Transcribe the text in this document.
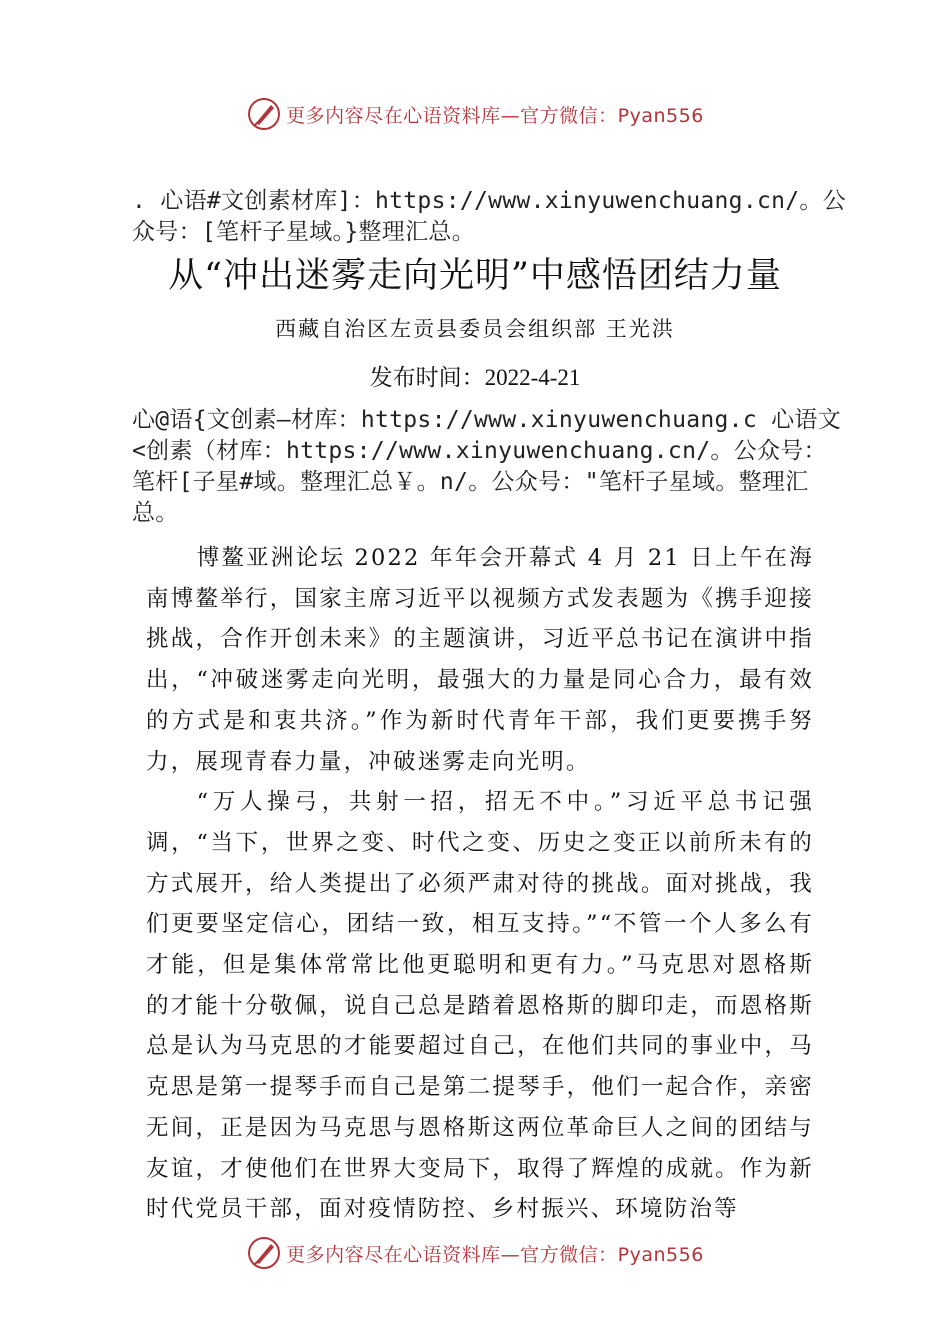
更多内容尽在心语资料库—官方微信：Pyan556
. 心语#文创素材库]：https://www.xinyuwenchuang.cn/。公众号：[笔杆子星域。}整理汇总。
从“冲出迷雾走向光明”中感悟团结力量
西藏自治区左贡县委员会组织部 王光洪
发布时间：2022-4-21
心@语{文创素—材库：https://www.xinyuwenchuang.c 心语文<创素（材库：https://www.xinyuwenchuang.cn/。公众号：笔杆[子星#域。整理汇总￥。n/。公众号："笔杆子星域。整理汇总。

博鳌亚洲论坛 2022 年年会开幕式 4 月 21 日上午在海南博鳌举行，国家主席习近平以视频方式发表题为《携手迎接挑战，合作开创未来》的主题演讲，习近平总书记在演讲中指出，“冲破迷雾走向光明，最强大的力量是同心合力，最有效的方式是和衷共济。”作为新时代青年干部，我们更要携手努力，展现青春力量，冲破迷雾走向光明。

“万人操弓，共射一招，招无不中。”习近平总书记强调，“当下，世界之变、时代之变、历史之变正以前所未有的方式展开，给人类提出了必须严肃对待的挑战。面对挑战，我们更要坚定信心，团结一致，相互支持。”“不管一个人多么有才能，但是集体常常比他更聪明和更有力。”马克思对恩格斯的才能十分敬佩，说自己总是踏着恩格斯的脚印走，而恩格斯总是认为马克思的才能要超过自己，在他们共同的事业中，马克思是第一提琴手而自己是第二提琴手，他们一起合作，亲密无间，正是因为马克思与恩格斯这两位革命巨人之间的团结与友谊，才使他们在世界大变局下，取得了辉煌的成就。作为新时代党员干部，面对疫情防控、乡村振兴、环境防治等

更多内容尽在心语资料库—官方微信：Pyan556
